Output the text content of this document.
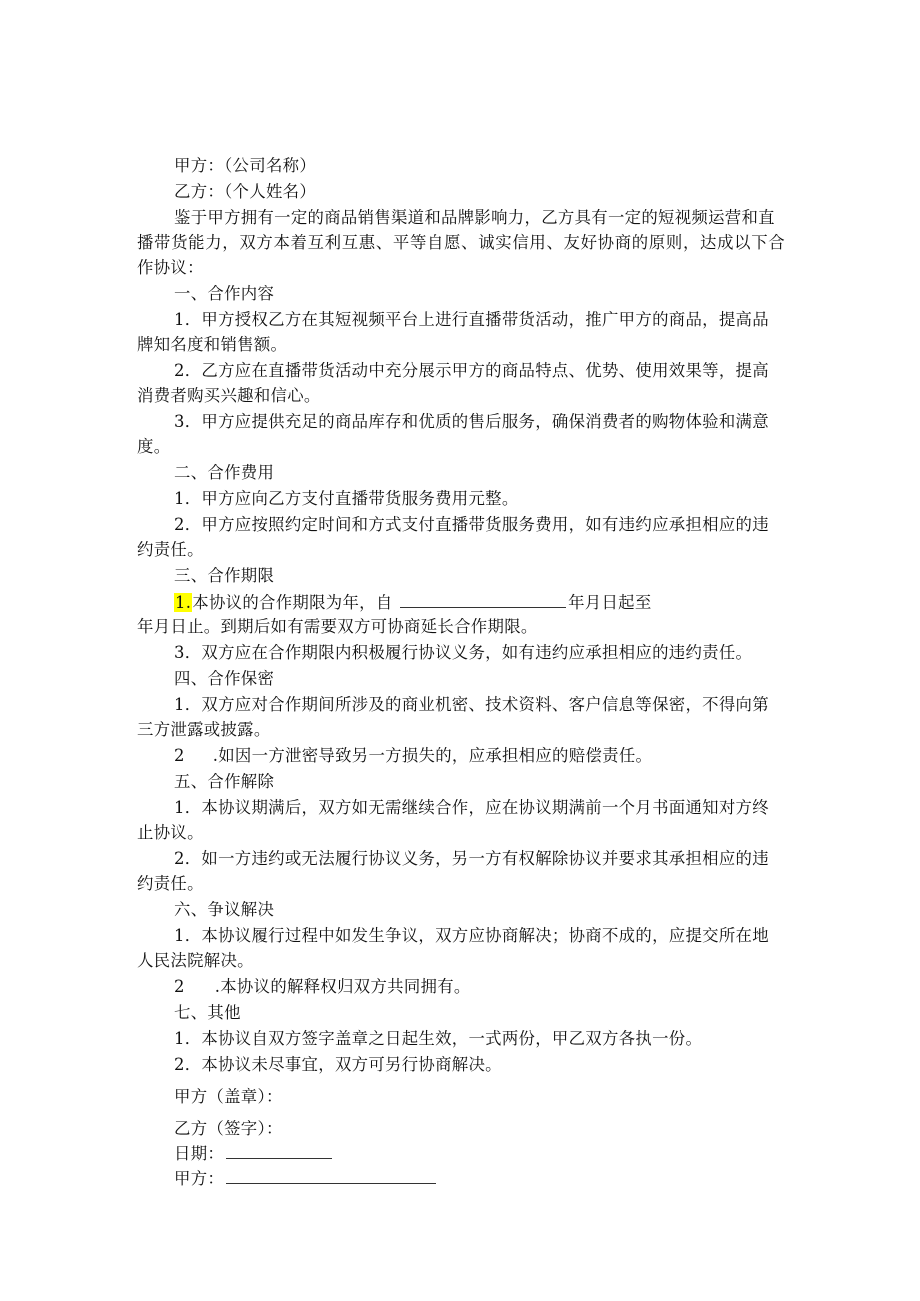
甲方：（公司名称）
乙方：（个人姓名）
鉴于甲方拥有一定的商品销售渠道和品牌影响力，乙方具有一定的短视频运营和直
播带货能力，双方本着互利互惠、平等自愿、诚实信用、友好协商的原则，达成以下合
作协议：
一、合作内容
1．甲方授权乙方在其短视频平台上进行直播带货活动，推广甲方的商品，提高品
牌知名度和销售额。
2．乙方应在直播带货活动中充分展示甲方的商品特点、优势、使用效果等，提高
消费者购买兴趣和信心。
3．甲方应提供充足的商品库存和优质的售后服务，确保消费者的购物体验和满意
度。
二、合作费用
1．甲方应向乙方支付直播带货服务费用元整。
2．甲方应按照约定时间和方式支付直播带货服务费用，如有违约应承担相应的违
约责任。
三、合作期限
1.本协议的合作期限为年，自	年月日起至
年月日止。到期后如有需要双方可协商延长合作期限。
3．双方应在合作期限内积极履行协议义务，如有违约应承担相应的违约责任。
四、合作保密
1．双方应对合作期间所涉及的商业机密、技术资料、客户信息等保密，不得向第
三方泄露或披露。
2 .如因一方泄密导致另一方损失的，应承担相应的赔偿责任。
五、合作解除
1．本协议期满后，双方如无需继续合作，应在协议期满前一个月书面通知对方终
止协议。
2．如一方违约或无法履行协议义务，另一方有权解除协议并要求其承担相应的违
约责任。
六、争议解决
1．本协议履行过程中如发生争议，双方应协商解决；协商不成的，应提交所在地
人民法院解决。
2 .本协议的解释权归双方共同拥有。
七、其他
1．本协议自双方签字盖章之日起生效，一式两份，甲乙双方各执一份。
2．本协议未尽事宜，双方可另行协商解决。
甲方（盖章）：
乙方（签字）：
日期：
甲方：
